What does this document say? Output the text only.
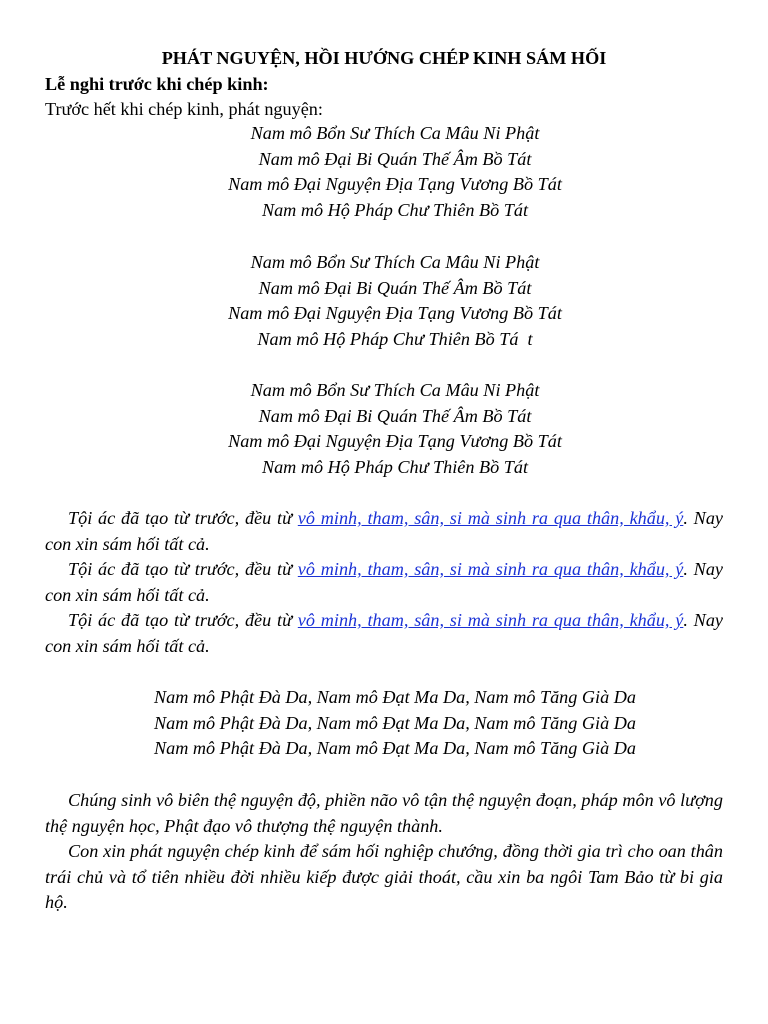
PHÁT NGUYỆN, HỒI HƯỚNG CHÉP KINH SÁM HỐI
Lễ nghi trước khi chép kinh:
Trước hết khi chép kinh, phát nguyện:
Nam mô Bổn Sư Thích Ca Mâu Ni Phật
Nam mô Đại Bi Quán Thế Âm Bồ Tát
Nam mô Đại Nguyện Địa Tạng Vương Bồ Tát
Nam mô Hộ Pháp Chư Thiên Bồ Tát
Nam mô Bổn Sư Thích Ca Mâu Ni Phật
Nam mô Đại Bi Quán Thế Âm Bồ Tát
Nam mô Đại Nguyện Địa Tạng Vương Bồ Tát
Nam mô Hộ Pháp Chư Thiên Bồ Tá  t
Nam mô Bổn Sư Thích Ca Mâu Ni Phật
Nam mô Đại Bi Quán Thế Âm Bồ Tát
Nam mô Đại Nguyện Địa Tạng Vương Bồ Tát
Nam mô Hộ Pháp Chư Thiên Bồ Tát
Tội ác đã tạo từ trước, đều từ vô minh, tham, sân, si mà sinh ra qua thân, khẩu, ý. Nay con xin sám hối tất cả.
Tội ác đã tạo từ trước, đều từ vô minh, tham, sân, si mà sinh ra qua thân, khẩu, ý. Nay con xin sám hối tất cả.
Tội ác đã tạo từ trước, đều từ vô minh, tham, sân, si mà sinh ra qua thân, khẩu, ý. Nay con xin sám hối tất cả.
Nam mô Phật Đà Da, Nam mô Đạt Ma Da, Nam mô Tăng Già Da
Nam mô Phật Đà Da, Nam mô Đạt Ma Da, Nam mô Tăng Già Da
Nam mô Phật Đà Da, Nam mô Đạt Ma Da, Nam mô Tăng Già Da
Chúng sinh vô biên thệ nguyện độ, phiền não vô tận thệ nguyện đoạn, pháp môn vô lượng thệ nguyện học, Phật đạo vô thượng thệ nguyện thành.
Con xin phát nguyện chép kinh để sám hối nghiệp chướng, đồng thời gia trì cho oan thân trái chủ và tổ tiên nhiều đời nhiều kiếp được giải thoát, cầu xin ba ngôi Tam Bảo từ bi gia hộ.
